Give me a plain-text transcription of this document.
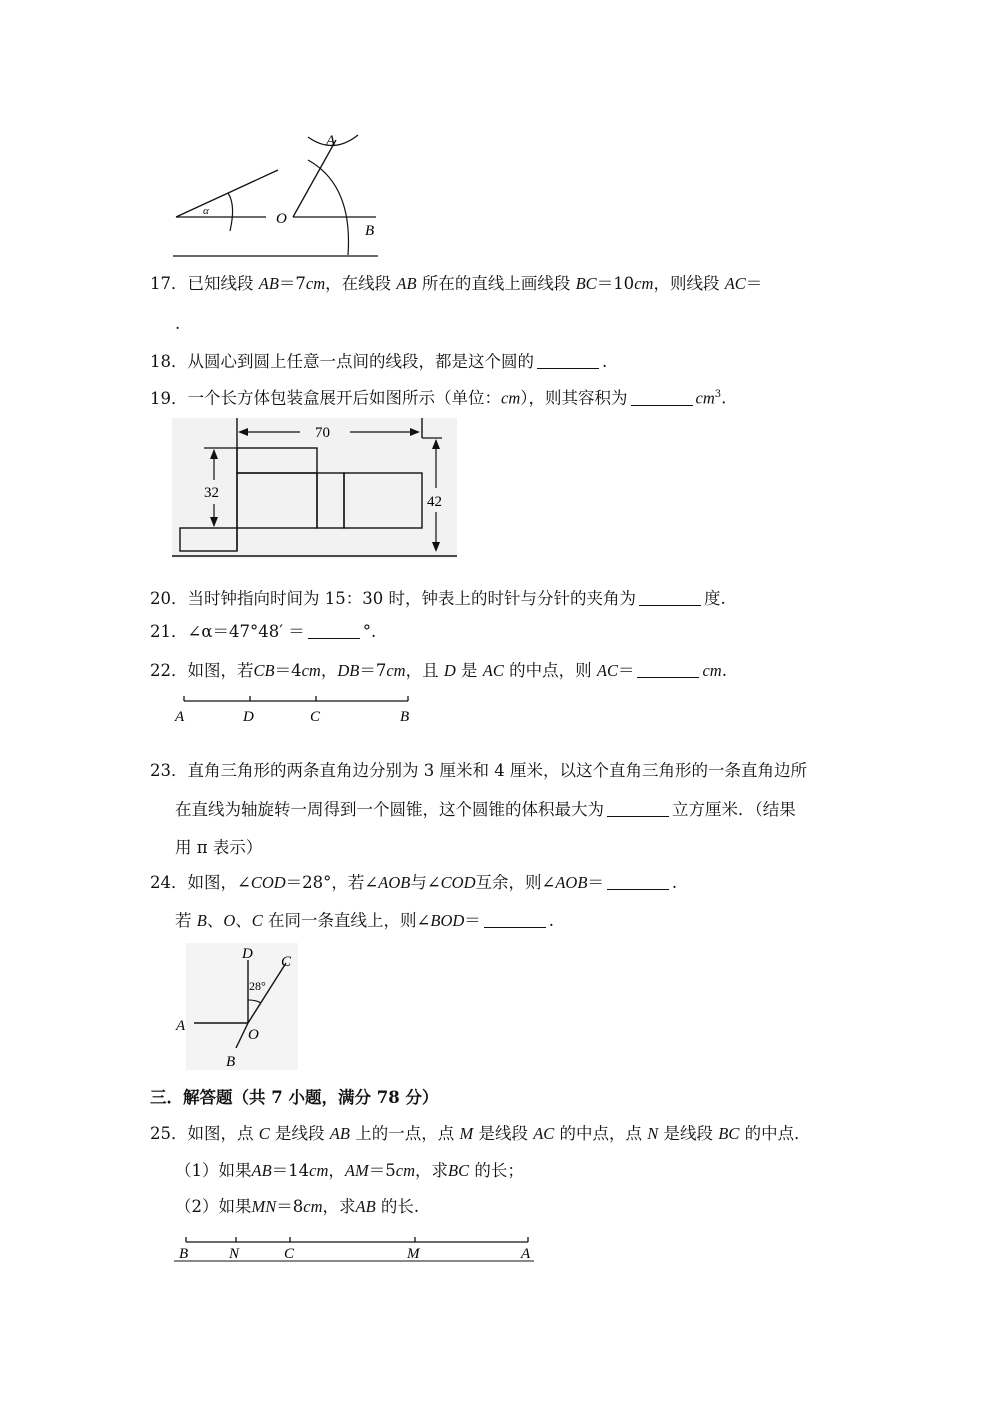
α	O
A
B
17．已知线段 AB＝7cm，在线段 AB 所在的直线上画线段 BC＝10cm，则线段 AC＝
.
18．从圆心到圆上任意一点间的线段，都是这个圆的	.
19．一个长方体包装盒展开后如图所示（单位：cm），则其容积为	$cm^3$.
70
32
42
20．当时钟指向时间为 15：30 时，钟表上的时针与分针的夹角为	度.
21．∠α＝47°48′ ＝	°.
22．如图，若CB＝4cm，DB＝7cm，且 D 是 AC 的中点，则 AC＝	cm.
A	D	C	B
23．直角三角形的两条直角边分别为 3 厘米和 4 厘米，以这个直角三角形的一条直角边所
在直线为轴旋转一周得到一个圆锥，这个圆锥的体积最大为	立方厘米．（结果
用 π 表示）
24．如图，∠COD＝28°，若∠AOB与∠COD互余，则∠AOB＝	.
若 B、O、C 在同一条直线上，则∠BOD＝	.
D C
28°
A
O
B
三．解答题（共 7 小题，满分 78 分）
25．如图，点 C 是线段 AB 上的一点，点 M 是线段 AC 的中点，点 N 是线段 BC 的中点．
（1）如果AB＝14cm，AM＝5cm，求BC 的长；
（2）如果MN＝8cm，求AB 的长.
B	N	C	M	A
